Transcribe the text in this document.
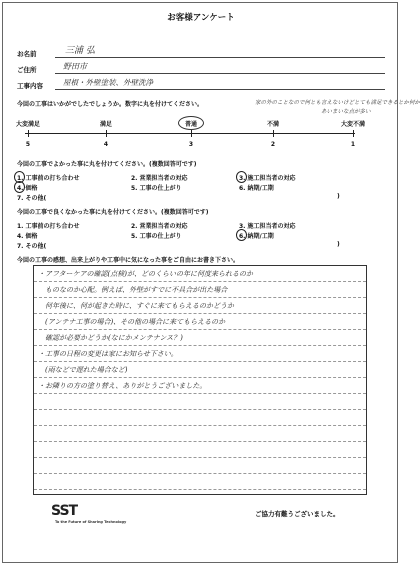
お客様アンケート
お名前	三浦 弘
ご住所	野田市
工事内容	屋根・外壁塗装、外壁洗浄
今回の工事はいかがでしたでしょうか。数字に丸を付けてください。	家の外のことなので何とも言えないけどとても満足できるとか何か
あいまいな点が多い
大変満足	満足	普通	不満	大変不満
5	4	3	2	1
今回の工事でよかった事に丸を付けてください。(複数回答可です)
1. 工事前の打ち合わせ	2. 営業担当者の対応	3. 施工担当者の対応
4. 価格	5. 工事の仕上がり	6. 納期/工期
7. その他(	)
今回の工事で良くなかった事に丸を付けてください。(複数回答可です)
1. 工事前の打ち合わせ	2. 営業担当者の対応	3. 施工担当者の対応
4. 価格	5. 工事の仕上がり	6. 納期/工期
7. その他(	)
今回の工事の感想、出来上がりや工事中に気になった事をご自由にお書き下さい。
・アフターケアの確認(点検)が、どのくらいの年に何度来られるのか
　ものなのか心配。例えば、外壁がすでに不具合が出た場合
　何年後に、何が起きた時に、すぐに来てもらえるのかどうか
　(アンテナ工事の場合)、その他の場合に来てもらえるのか
　確認が必要かどうか(なにかメンテナンス？)
・工事の日程の変更は家にお知らせ下さい。
　(雨などで遅れた場合など)
・お隣りの方の塗り替え、ありがとうございました。
SST
To the Future of Sharing Technology
ご協力有難うございました。
